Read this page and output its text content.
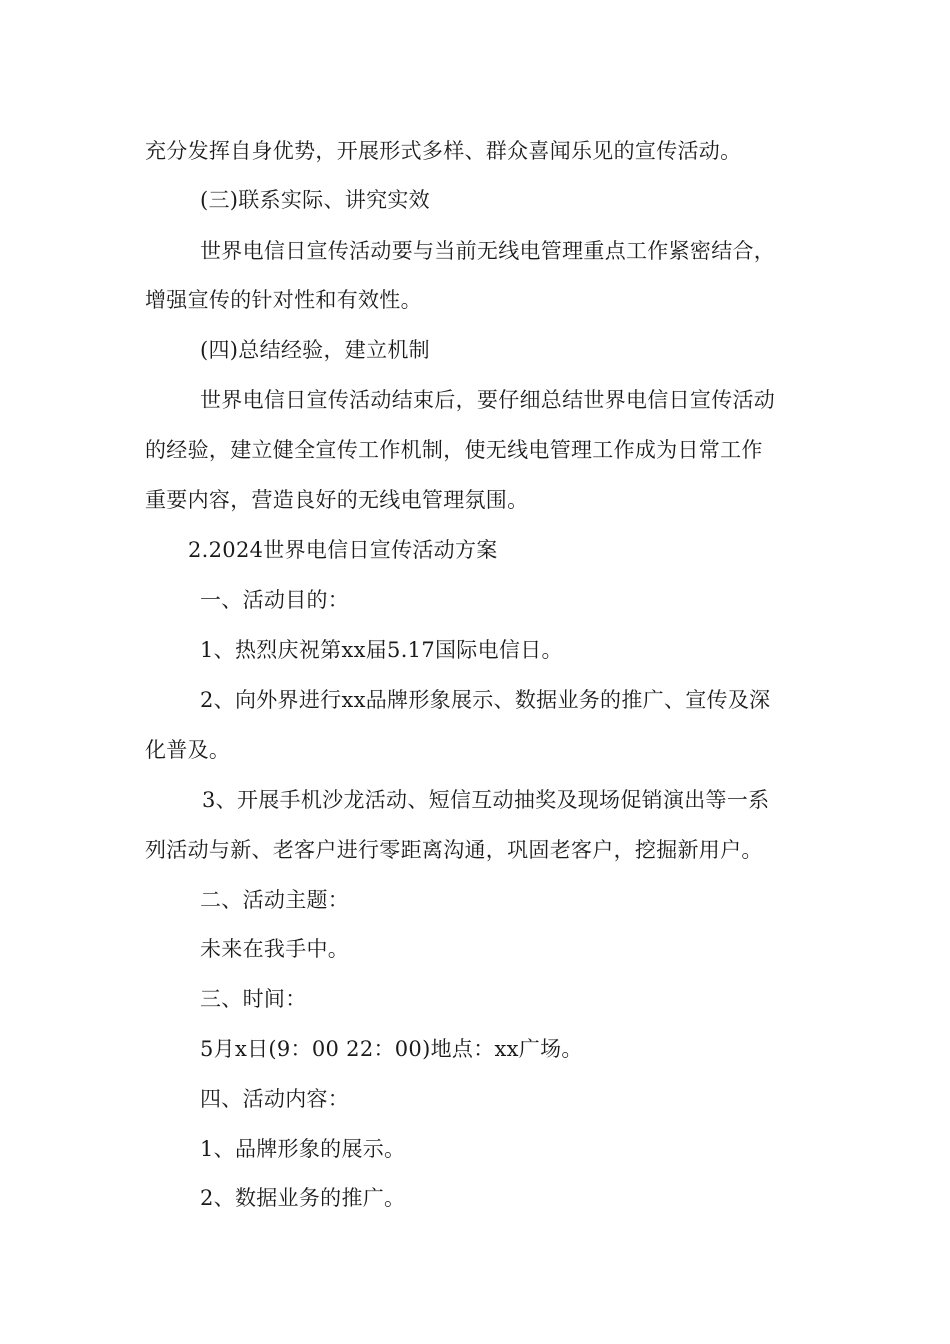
充分发挥自身优势，开展形式多样、群众喜闻乐见的宣传活动。
(三)联系实际、讲究实效
世界电信日宣传活动要与当前无线电管理重点工作紧密结合，
增强宣传的针对性和有效性。
(四)总结经验，建立机制
世界电信日宣传活动结束后，要仔细总结世界电信日宣传活动
的经验，建立健全宣传工作机制，使无线电管理工作成为日常工作
重要内容，营造良好的无线电管理氛围。
2.2024世界电信日宣传活动方案
一、活动目的：
1、热烈庆祝第xx届5.17国际电信日。
2、向外界进行xx品牌形象展示、数据业务的推广、宣传及深
化普及。
3、开展手机沙龙活动、短信互动抽奖及现场促销演出等一系
列活动与新、老客户进行零距离沟通，巩固老客户，挖掘新用户。
二、活动主题：
未来在我手中。
三、时间：
5月x日(9：00 22：00)地点：xx广场。
四、活动内容：
1、品牌形象的展示。
2、数据业务的推广。
